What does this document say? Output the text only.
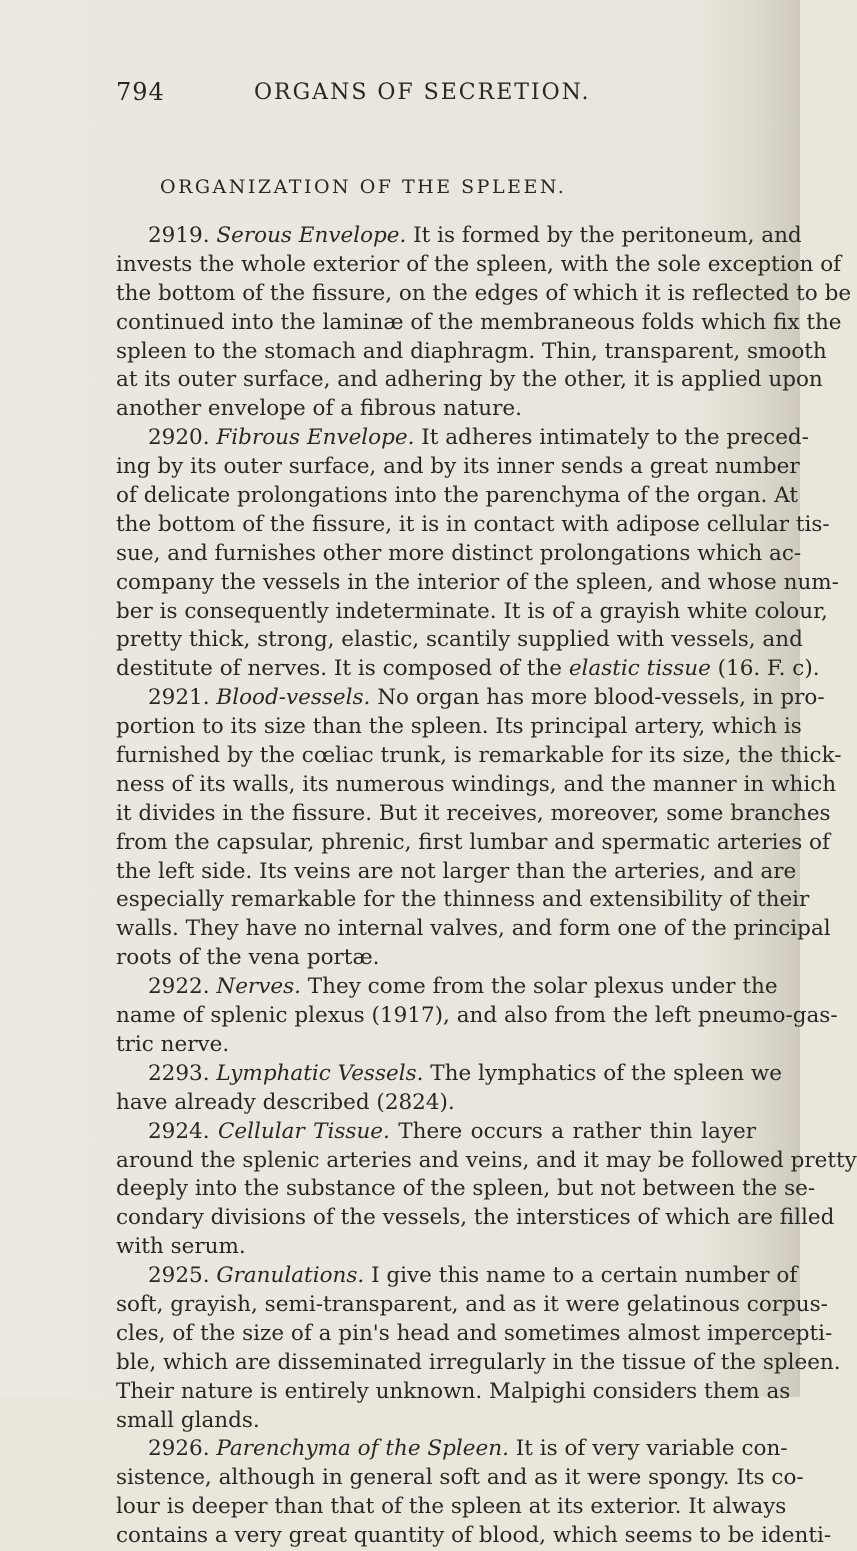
794	ORGANS OF SECRETION.
ORGANIZATION OF THE SPLEEN.
2919. Serous Envelope. It is formed by the peritoneum, and
invests the whole exterior of the spleen, with the sole exception of
the bottom of the fissure, on the edges of which it is reflected to be
continued into the laminæ of the membraneous folds which fix the
spleen to the stomach and diaphragm. Thin, transparent, smooth
at its outer surface, and adhering by the other, it is applied upon
another envelope of a fibrous nature.
2920. Fibrous Envelope. It adheres intimately to the preced-
ing by its outer surface, and by its inner sends a great number
of delicate prolongations into the parenchyma of the organ. At
the bottom of the fissure, it is in contact with adipose cellular tis-
sue, and furnishes other more distinct prolongations which ac-
company the vessels in the interior of the spleen, and whose num-
ber is consequently indeterminate. It is of a grayish white colour,
pretty thick, strong, elastic, scantily supplied with vessels, and
destitute of nerves. It is composed of the elastic tissue (16. F. c).
2921. Blood-vessels. No organ has more blood-vessels, in pro-
portion to its size than the spleen. Its principal artery, which is
furnished by the cœliac trunk, is remarkable for its size, the thick-
ness of its walls, its numerous windings, and the manner in which
it divides in the fissure. But it receives, moreover, some branches
from the capsular, phrenic, first lumbar and spermatic arteries of
the left side. Its veins are not larger than the arteries, and are
especially remarkable for the thinness and extensibility of their
walls. They have no internal valves, and form one of the principal
roots of the vena portæ.
2922. Nerves. They come from the solar plexus under the
name of splenic plexus (1917), and also from the left pneumo-gas-
tric nerve.
2293. Lymphatic Vessels. The lymphatics of the spleen we
have already described (2824).
2924. Cellular Tissue. There occurs a rather thin layer
around the splenic arteries and veins, and it may be followed pretty
deeply into the substance of the spleen, but not between the se-
condary divisions of the vessels, the interstices of which are filled
with serum.
2925. Granulations. I give this name to a certain number of
soft, grayish, semi-transparent, and as it were gelatinous corpus-
cles, of the size of a pin's head and sometimes almost impercepti-
ble, which are disseminated irregularly in the tissue of the spleen.
Their nature is entirely unknown. Malpighi considers them as
small glands.
2926. Parenchyma of the Spleen. It is of very variable con-
sistence, although in general soft and as it were spongy. Its co-
lour is deeper than that of the spleen at its exterior. It always
contains a very great quantity of blood, which seems to be identi-
